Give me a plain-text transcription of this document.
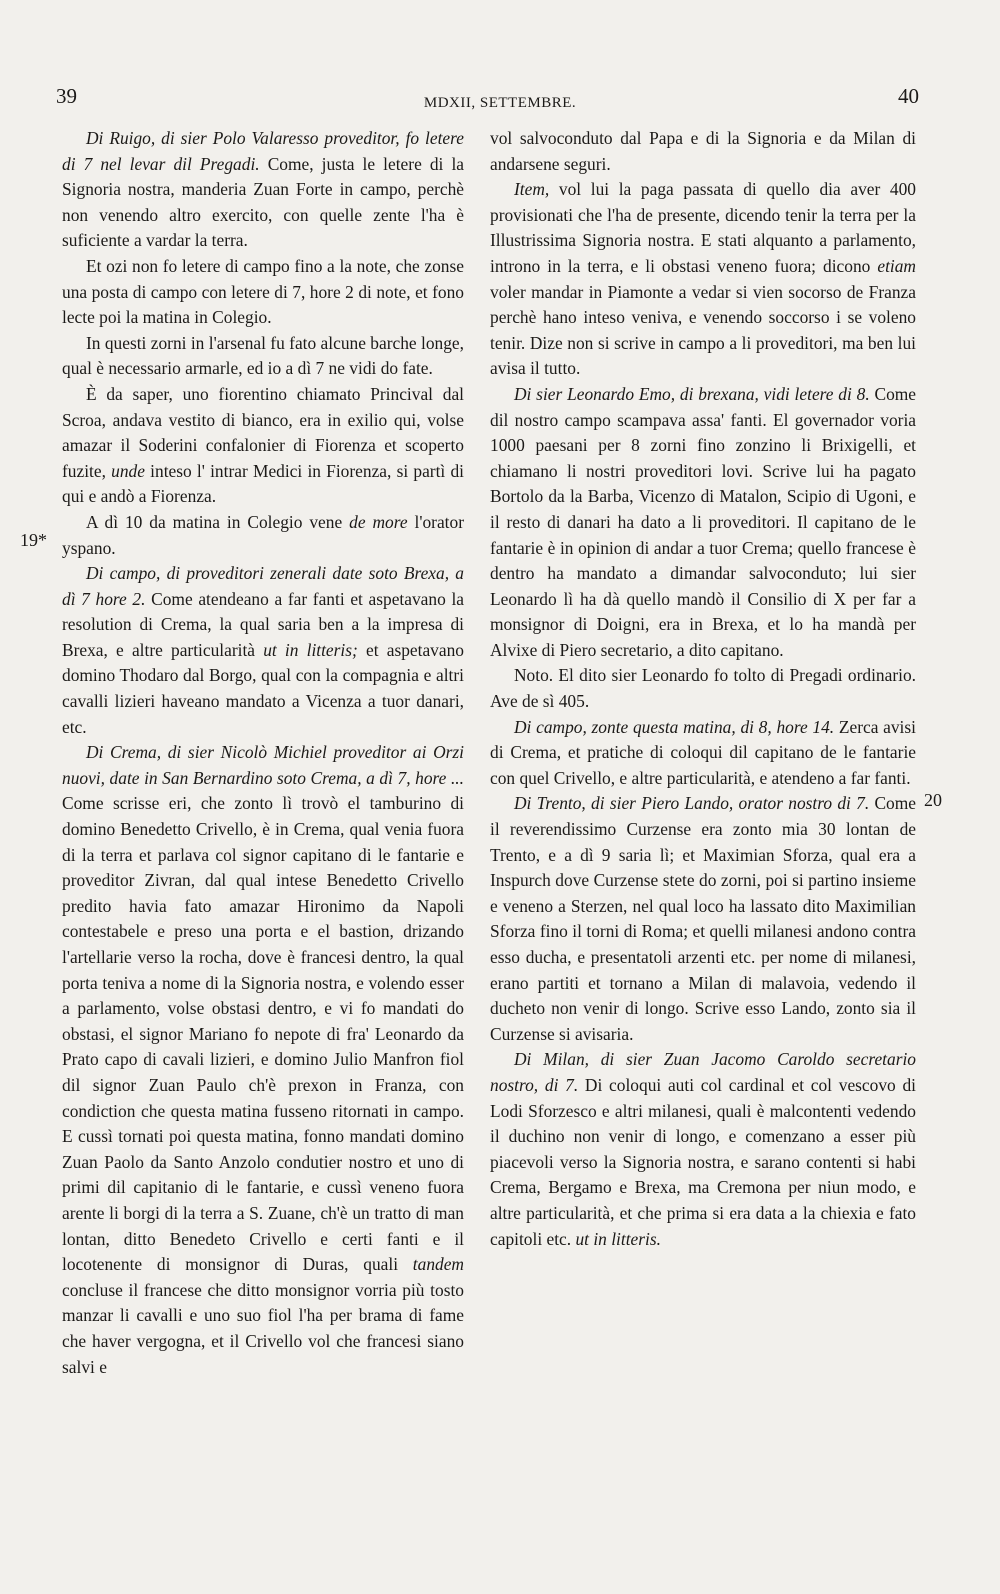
39	MDXII, SETTEMBRE.	40
19*
20

Di Ruigo, di sier Polo Valaresso proveditor, fo letere di 7 nel levar dil Pregadi. Come, justa le letere di la Signoria nostra, manderia Zuan Forte in campo, perchè non venendo altro exercito, con quelle zente l'ha è suficiente a vardar la terra.

Et ozi non fo letere di campo fino a la note, che zonse una posta di campo con letere di 7, hore 2 di note, et fono lecte poi la matina in Colegio.

In questi zorni in l'arsenal fu fato alcune barche longe, qual è necessario armarle, ed io a dì 7 ne vidi do fate.

È da saper, uno fiorentino chiamato Princival dal Scroa, andava vestito di bianco, era in exilio qui, volse amazar il Soderini confalonier di Fiorenza et scoperto fuzite, unde inteso l' intrar Medici in Fiorenza, si partì di qui e andò a Fiorenza.

A dì 10 da matina in Colegio vene de more l'orator yspano.

Di campo, di proveditori zenerali date soto Brexa, a dì 7 hore 2. Come atendeano a far fanti et aspetavano la resolution di Crema, la qual saria ben a la impresa di Brexa, e altre particularità ut in litteris; et aspetavano domino Thodaro dal Borgo, qual con la compagnia e altri cavalli lizieri haveano mandato a Vicenza a tuor danari, etc.

Di Crema, di sier Nicolò Michiel proveditor ai Orzi nuovi, date in San Bernardino soto Crema, a dì 7, hore ... Come scrisse eri, che zonto lì trovò el tamburino di domino Benedetto Crivello, è in Crema, qual venia fuora di la terra et parlava col signor capitano di le fantarie e proveditor Zivran, dal qual intese Benedetto Crivello predito havia fato amazar Hironimo da Napoli contestabele e preso una porta e el bastion, drizando l'artellarie verso la rocha, dove è francesi dentro, la qual porta teniva a nome di la Signoria nostra, e volendo esser a parlamento, volse obstasi dentro, e vi fo mandati do obstasi, el signor Mariano fo nepote di fra' Leonardo da Prato capo di cavali lizieri, e domino Julio Manfron fiol dil signor Zuan Paulo ch'è prexon in Franza, con condiction che questa matina fusseno ritornati in campo. E cussì tornati poi questa matina, fonno mandati domino Zuan Paolo da Santo Anzolo condutier nostro et uno di primi dil capitanio di le fantarie, e cussì veneno fuora arente li borgi di la terra a S. Zuane, ch'è un tratto di man lontan, ditto Benedeto Crivello e certi fanti e il locotenente di monsignor di Duras, quali tandem concluse il francese che ditto monsignor vorria più tosto manzar li cavalli e uno suo fiol l'ha per brama di fame che haver vergogna, et il Crivello vol che francesi siano salvi e

vol salvoconduto dal Papa e di la Signoria e da Milan di andarsene seguri.

Item, vol lui la paga passata di quello dia aver 400 provisionati che l'ha de presente, dicendo tenir la terra per la Illustrissima Signoria nostra. E stati alquanto a parlamento, introno in la terra, e li obstasi veneno fuora; dicono etiam voler mandar in Piamonte a vedar si vien socorso de Franza perchè hano inteso veniva, e venendo soccorso i se voleno tenir. Dize non si scrive in campo a li proveditori, ma ben lui avisa il tutto.

Di sier Leonardo Emo, di brexana, vidi letere di 8. Come dil nostro campo scampava assa' fanti. El governador voria 1000 paesani per 8 zorni fino zonzino li Brixigelli, et chiamano li nostri proveditori lovi. Scrive lui ha pagato Bortolo da la Barba, Vicenzo di Matalon, Scipio di Ugoni, e il resto di danari ha dato a li proveditori. Il capitano de le fantarie è in opinion di andar a tuor Crema; quello francese è dentro ha mandato a dimandar salvoconduto; lui sier Leonardo lì ha dà quello mandò il Consilio di X per far a monsignor di Doigni, era in Brexa, et lo ha mandà per Alvixe di Piero secretario, a dito capitano.

Noto. El dito sier Leonardo fo tolto di Pregadi ordinario. Ave de sì 405.

Di campo, zonte questa matina, di 8, hore 14. Zerca avisi di Crema, et pratiche di coloqui dil capitano de le fantarie con quel Crivello, e altre particularità, e atendeno a far fanti.

Di Trento, di sier Piero Lando, orator nostro di 7. Come il reverendissimo Curzense era zonto mia 30 lontan de Trento, e a dì 9 saria lì; et Maximian Sforza, qual era a Inspurch dove Curzense stete do zorni, poi si partino insieme e veneno a Sterzen, nel qual loco ha lassato dito Maximilian Sforza fino il torni di Roma; et quelli milanesi andono contra esso ducha, e presentatoli arzenti etc. per nome di milanesi, erano partiti et tornano a Milan di malavoia, vedendo il ducheto non venir di longo. Scrive esso Lando, zonto sia il Curzense si avisaria.

Di Milan, di sier Zuan Jacomo Caroldo secretario nostro, di 7. Di coloqui auti col cardinal et col vescovo di Lodi Sforzesco e altri milanesi, quali è malcontenti vedendo il duchino non venir di longo, e comenzano a esser più piacevoli verso la Signoria nostra, e sarano contenti si habi Crema, Bergamo e Brexa, ma Cremona per niun modo, e altre particularità, et che prima si era data a la chiexia e fato capitoli etc. ut in litteris.
